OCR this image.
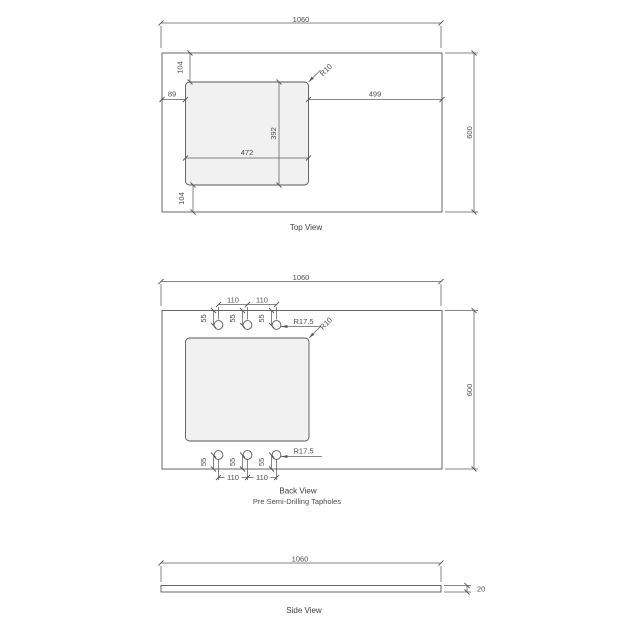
1060
600
104
89	499
392
472
104
R10
Top View
1060
600
110 110
55	55	55	R17.5 R10
55	55	55
110 110
R17.5
Back View
Pre Semi-Drilling Tapholes
1060
20
Side View
